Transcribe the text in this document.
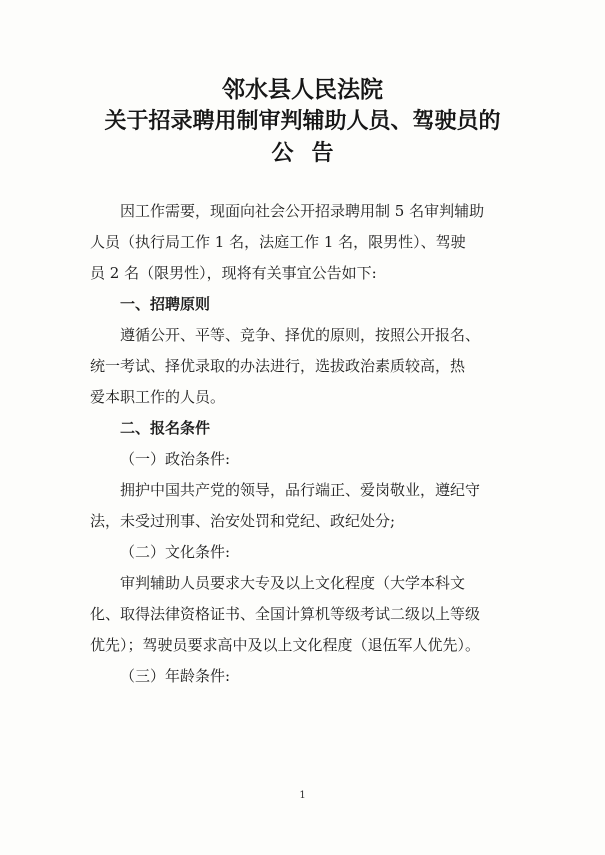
邻水县人民法院
关于招录聘用制审判辅助人员、驾驶员的
公告
因工作需要，现面向社会公开招录聘用制 5 名审判辅助
人员（执行局工作 1 名，法庭工作 1 名，限男性）、驾驶
员 2 名（限男性），现将有关事宜公告如下:
一、招聘原则
遵循公开、平等、竞争、择优的原则，按照公开报名、
统一考试、择优录取的办法进行，选拔政治素质较高，热
爱本职工作的人员。
二、报名条件
（一）政治条件:
拥护中国共产党的领导，品行端正、爱岗敬业，遵纪守
法，未受过刑事、治安处罚和党纪、政纪处分;
（二）文化条件:
审判辅助人员要求大专及以上文化程度（大学本科文
化、取得法律资格证书、全国计算机等级考试二级以上等级
优先）；驾驶员要求高中及以上文化程度（退伍军人优先）。
（三）年龄条件:
1
